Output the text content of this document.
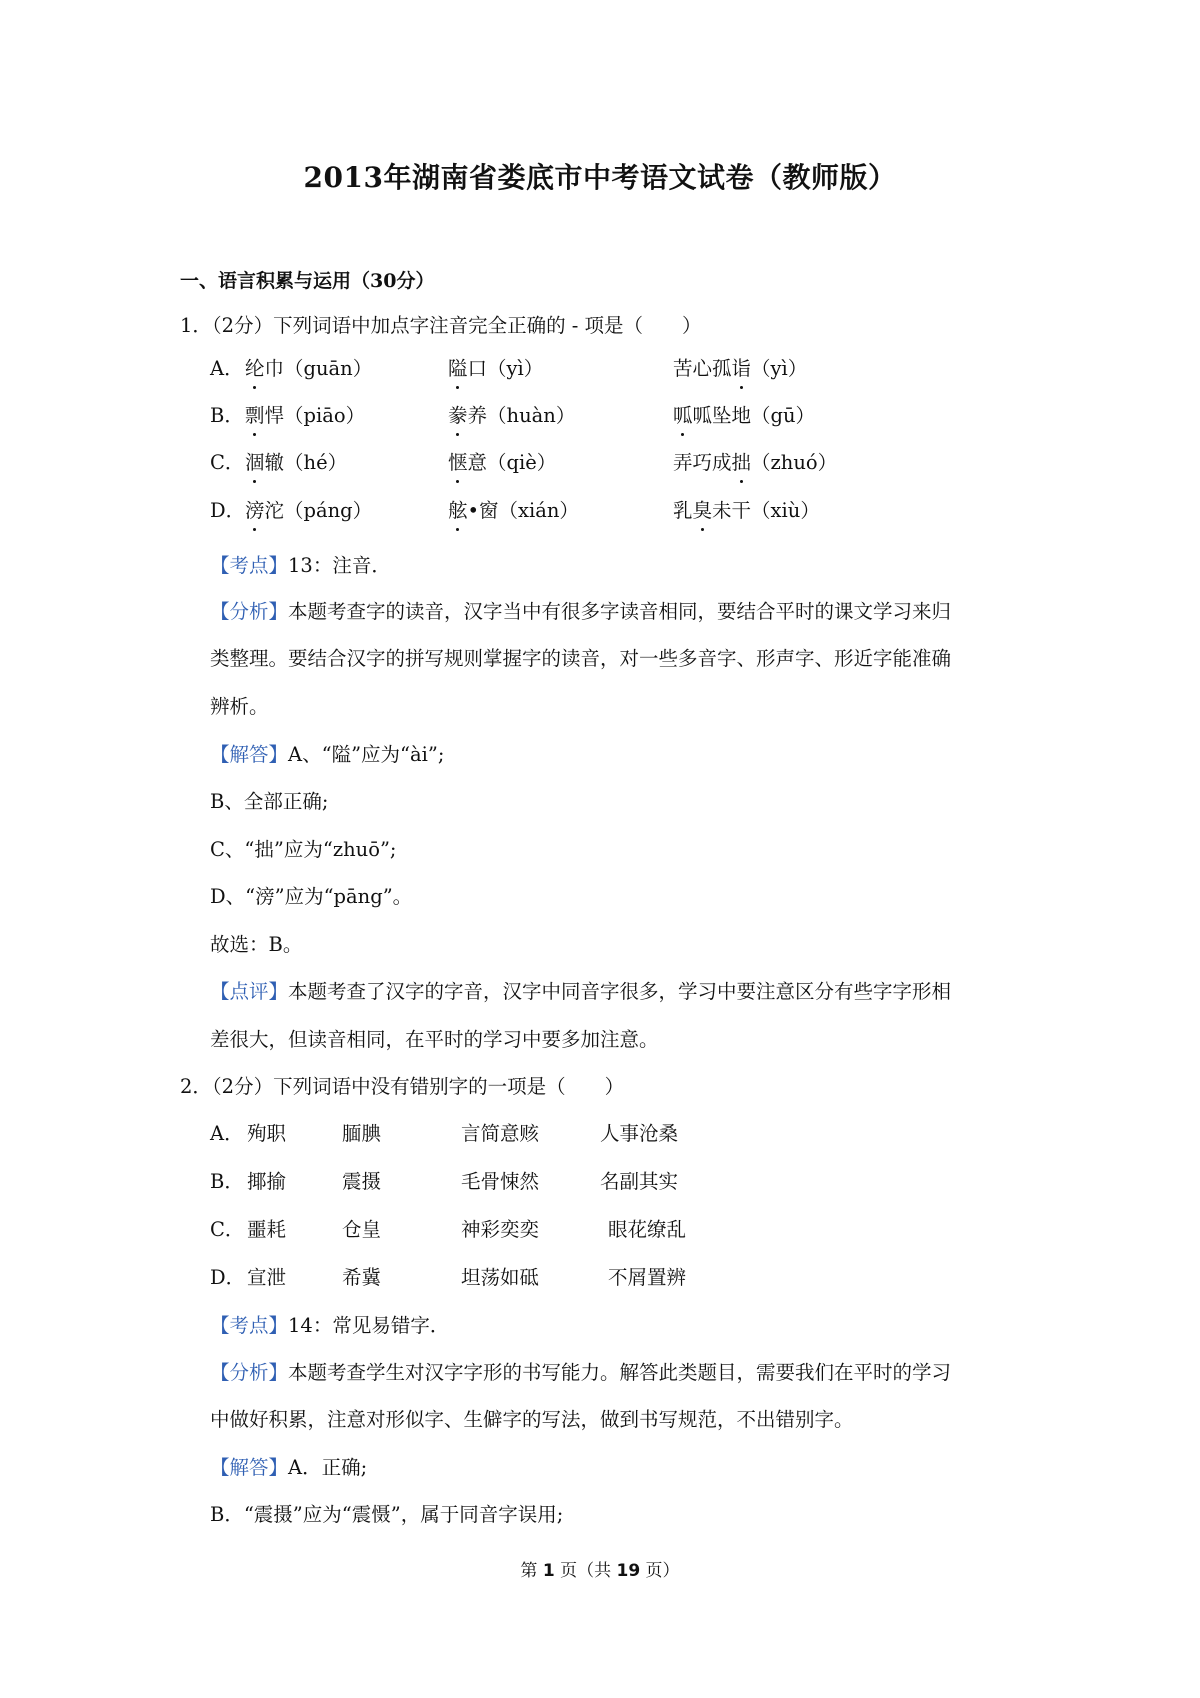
2013年湖南省娄底市中考语文试卷（教师版）
一、语言积累与运用（30分）
1．（2分）下列词语中加点字注音完全正确的 - 项是（　　）
A． 纶巾（guān）	隘口（yì）	苦心孤诣（yì）
B． 剽悍（piāo）	豢养（huàn）	呱呱坠地（gū）
C． 涸辙（hé）	惬意（qiè）	弄巧成拙（zhuó）
D． 滂沱（páng）	舷•窗（xián）	乳臭未干（xiù）
【考点】13：注音．
【分析】本题考查字的读音，汉字当中有很多字读音相同，要结合平时的课文学习来归
类整理。要结合汉字的拼写规则掌握字的读音，对一些多音字、形声字、形近字能准确
辨析。
【解答】A、“隘”应为“ài”;
B、全部正确;
C、“拙”应为“zhuō”;
D、“滂”应为“pāng”。
故选：B。
【点评】本题考查了汉字的字音，汉字中同音字很多，学习中要注意区分有些字字形相
差很大，但读音相同，在平时的学习中要多加注意。
2．（2分）下列词语中没有错别字的一项是（　　）
A． 殉职	腼腆	言简意赅	人事沧桑
B． 揶揄	震摄	毛骨悚然	名副其实
C． 噩耗	仓皇	神彩奕奕	眼花缭乱
D． 宣泄	希冀	坦荡如砥	不屑置辨
【考点】14：常见易错字．
【分析】本题考查学生对汉字字形的书写能力。解答此类题目，需要我们在平时的学习
中做好积累，注意对形似字、生僻字的写法，做到书写规范，不出错别字。
【解答】A．正确;
B．“震摄”应为“震慑”，属于同音字误用;
第 1 页（共 19 页）
